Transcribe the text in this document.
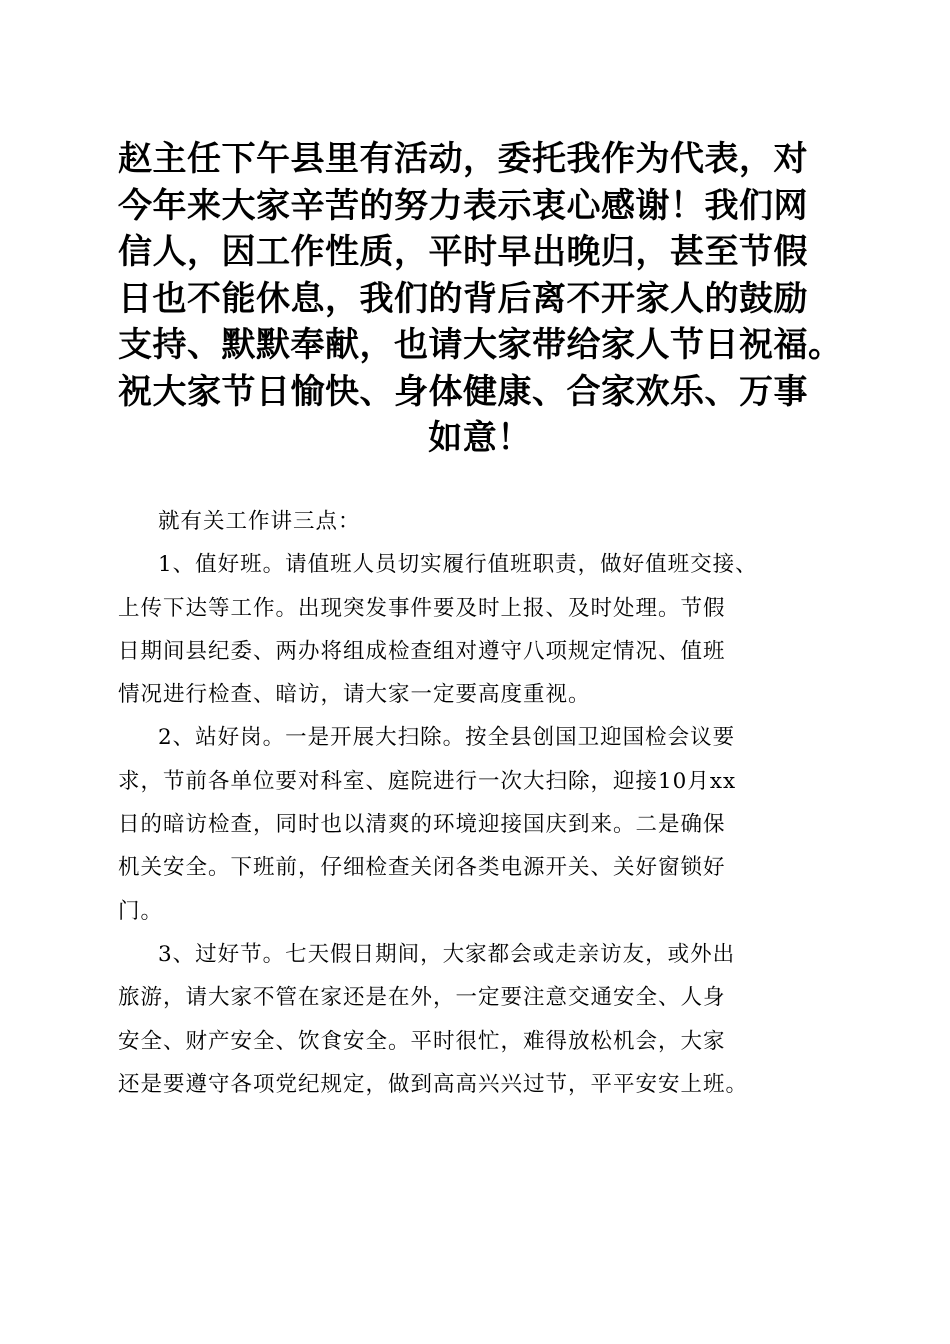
赵主任下午县里有活动，委托我作为代表，对
今年来大家辛苦的努力表示衷心感谢！我们网
信人，因工作性质，平时早出晚归，甚至节假
日也不能休息，我们的背后离不开家人的鼓励
支持、默默奉献，也请大家带给家人节日祝福。
祝大家节日愉快、身体健康、合家欢乐、万事
如意！
就有关工作讲三点：
1、值好班。请值班人员切实履行值班职责，做好值班交接、
上传下达等工作。出现突发事件要及时上报、及时处理。节假
日期间县纪委、两办将组成检查组对遵守八项规定情况、值班
情况进行检查、暗访，请大家一定要高度重视。
2、站好岗。一是开展大扫除。按全县创国卫迎国检会议要
求，节前各单位要对科室、庭院进行一次大扫除，迎接10月xx
日的暗访检查，同时也以清爽的环境迎接国庆到来。二是确保
机关安全。下班前，仔细检查关闭各类电源开关、关好窗锁好
门。
3、过好节。七天假日期间，大家都会或走亲访友，或外出
旅游，请大家不管在家还是在外，一定要注意交通安全、人身
安全、财产安全、饮食安全。平时很忙，难得放松机会，大家
还是要遵守各项党纪规定，做到高高兴兴过节，平平安安上班。
